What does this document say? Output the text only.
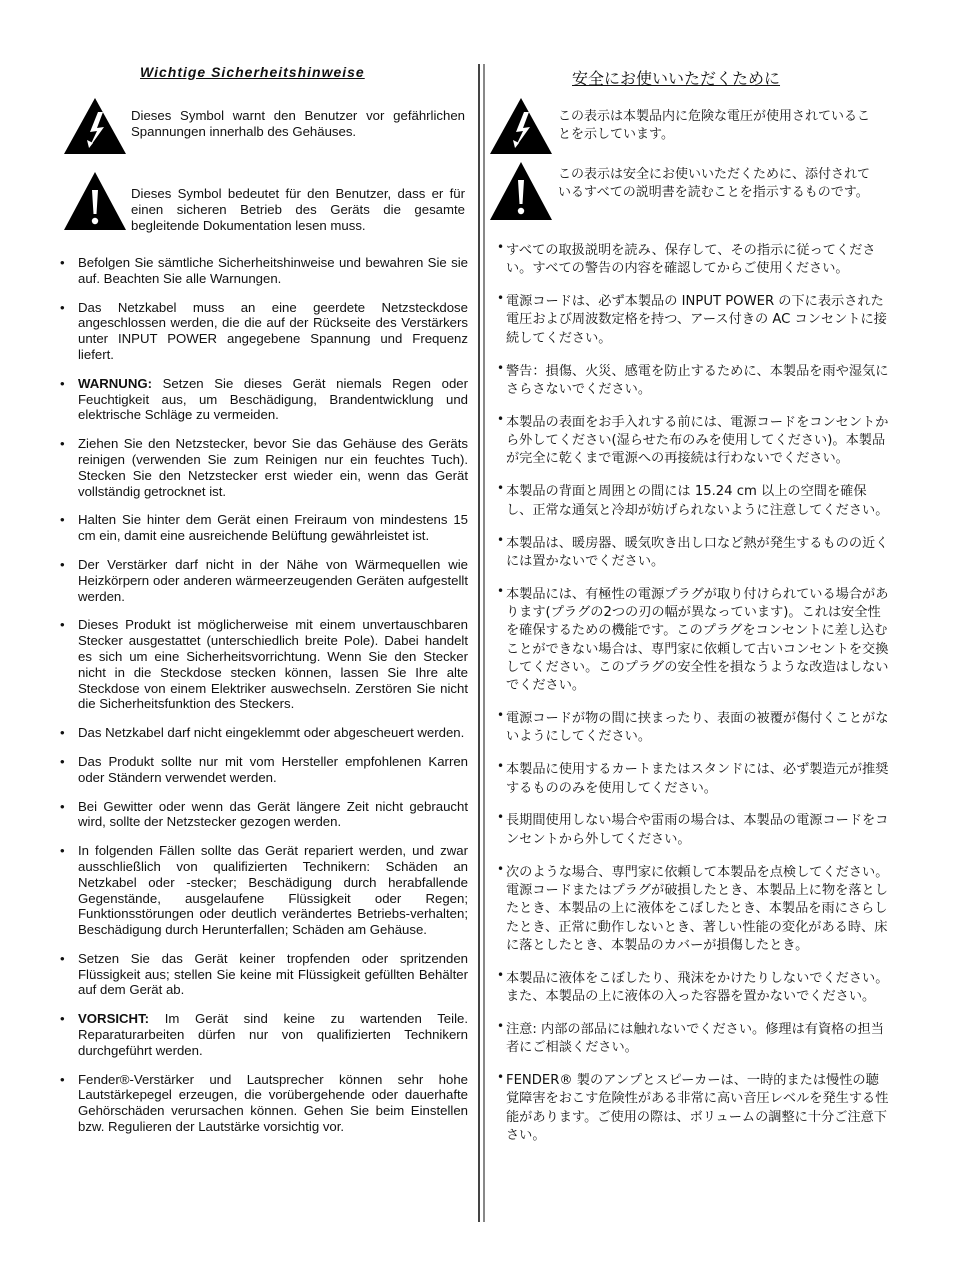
Wichtige Sicherheitshinweise
Dieses Symbol warnt den Benutzer vor gefährlichen Spannungen innerhalb des Gehäuses.
Dieses Symbol bedeutet für den Benutzer, dass er für einen sicheren Betrieb des Geräts die gesamte begleitende Dokumentation lesen muss.
• Befolgen Sie sämtliche Sicherheitshinweise und bewahren Sie sie auf. Beachten Sie alle Warnungen.
• Das Netzkabel muss an eine geerdete Netzsteckdose angeschlossen werden, die die auf der Rückseite des Verstärkers unter INPUT POWER angegebene Spannung und Frequenz liefert.
• WARNUNG: Setzen Sie dieses Gerät niemals Regen oder Feuchtigkeit aus, um Beschädigung, Brandentwicklung und elektrische Schläge zu vermeiden.
• Ziehen Sie den Netzstecker, bevor Sie das Gehäuse des Geräts reinigen (verwenden Sie zum Reinigen nur ein feuchtes Tuch). Stecken Sie den Netzstecker erst wieder ein, wenn das Gerät vollständig getrocknet ist.
• Halten Sie hinter dem Gerät einen Freiraum von mindestens 15 cm ein, damit eine ausreichende Belüftung gewährleistet ist.
• Der Verstärker darf nicht in der Nähe von Wärmequellen wie Heizkörpern oder anderen wärmeerzeugenden Geräten aufgestellt werden.
• Dieses Produkt ist möglicherweise mit einem unvertauschbaren Stecker ausgestattet (unterschiedlich breite Pole). Dabei handelt es sich um eine Sicherheitsvorrichtung. Wenn Sie den Stecker nicht in die Steckdose stecken können, lassen Sie Ihre alte Steckdose von einem Elektriker auswechseln. Zerstören Sie nicht die Sicherheitsfunktion des Steckers.
• Das Netzkabel darf nicht eingeklemmt oder abgescheuert werden.
• Das Produkt sollte nur mit vom Hersteller empfohlenen Karren oder Ständern verwendet werden.
• Bei Gewitter oder wenn das Gerät längere Zeit nicht gebraucht wird, sollte der Netzstecker gezogen werden.
• In folgenden Fällen sollte das Gerät repariert werden, und zwar ausschließlich von qualifizierten Technikern: Schäden an Netzkabel oder -stecker; Beschädigung durch herabfallende Gegenstände, ausgelaufene Flüssigkeit oder Regen; Funktionsstörungen oder deutlich verändertes Betriebs-verhalten; Beschädigung durch Herunterfallen; Schäden am Gehäuse.
• Setzen Sie das Gerät keiner tropfenden oder spritzenden Flüssigkeit aus; stellen Sie keine mit Flüssigkeit gefüllten Behälter auf dem Gerät ab.
• VORSICHT: Im Gerät sind keine zu wartenden Teile. Reparaturarbeiten dürfen nur von qualifizierten Technikern durchgeführt werden.
• Fender®-Verstärker und Lautsprecher können sehr hohe Lautstärkepegel erzeugen, die vorübergehende oder dauerhafte Gehörschäden verursachen können. Gehen Sie beim Einstellen bzw. Regulieren der Lautstärke vorsichtig vor.
安全にお使いいただくために
この表示は本製品内に危険な電圧が使用されていることを示しています。
この表示は安全にお使いいただくために、添付されているすべての説明書を読むことを指示するものです。
• すべての取扱説明を読み、保存して、その指示に従ってください。すべての警告の内容を確認してからご使用ください。
• 電源コードは、必ず本製品の INPUT POWER の下に表示された電圧および周波数定格を持つ、アース付きの AC コンセントに接続してください。
• 警告：損傷、火災、感電を防止するために、本製品を雨や湿気にさらさないでください。
• 本製品の表面をお手入れする前には、電源コードをコンセントから外してください(湿らせた布のみを使用してください)。本製品が完全に乾くまで電源への再接続は行わないでください。
• 本製品の背面と周囲との間には 15.24 cm 以上の空間を確保し、正常な通気と冷却が妨げられないように注意してください。
• 本製品は、暖房器、暖気吹き出し口など熱が発生するものの近くには置かないでください。
• 本製品には、有極性の電源プラグが取り付けられている場合があります(プラグの2つの刃の幅が異なっています)。これは安全性を確保するための機能です。このプラグをコンセントに差し込むことができない場合は、専門家に依頼して古いコンセントを交換してください。このプラグの安全性を損なうような改造はしないでください。
• 電源コードが物の間に挟まったり、表面の被覆が傷付くことがないようにしてください。
• 本製品に使用するカートまたはスタンドには、必ず製造元が推奨するもののみを使用してください。
• 長期間使用しない場合や雷雨の場合は、本製品の電源コードをコンセントから外してください。
• 次のような場合、専門家に依頼して本製品を点検してください。電源コードまたはプラグが破損したとき、本製品上に物を落としたとき、本製品の上に液体をこぼしたとき、本製品を雨にさらしたとき、正常に動作しないとき、著しい性能の変化がある時、床に落としたとき、本製品のカバーが損傷したとき。
• 本製品に液体をこぼしたり、飛沫をかけたりしないでください。また、本製品の上に液体の入った容器を置かないでください。
• 注意: 内部の部品には触れないでください。修理は有資格の担当者にご相談ください。
• FENDER® 製のアンプとスピーカーは、一時的または慢性の聴覚障害をおこす危険性がある非常に高い音圧レベルを発生する性能があります。ご使用の際は、ボリュームの調整に十分ご注意下さい。
